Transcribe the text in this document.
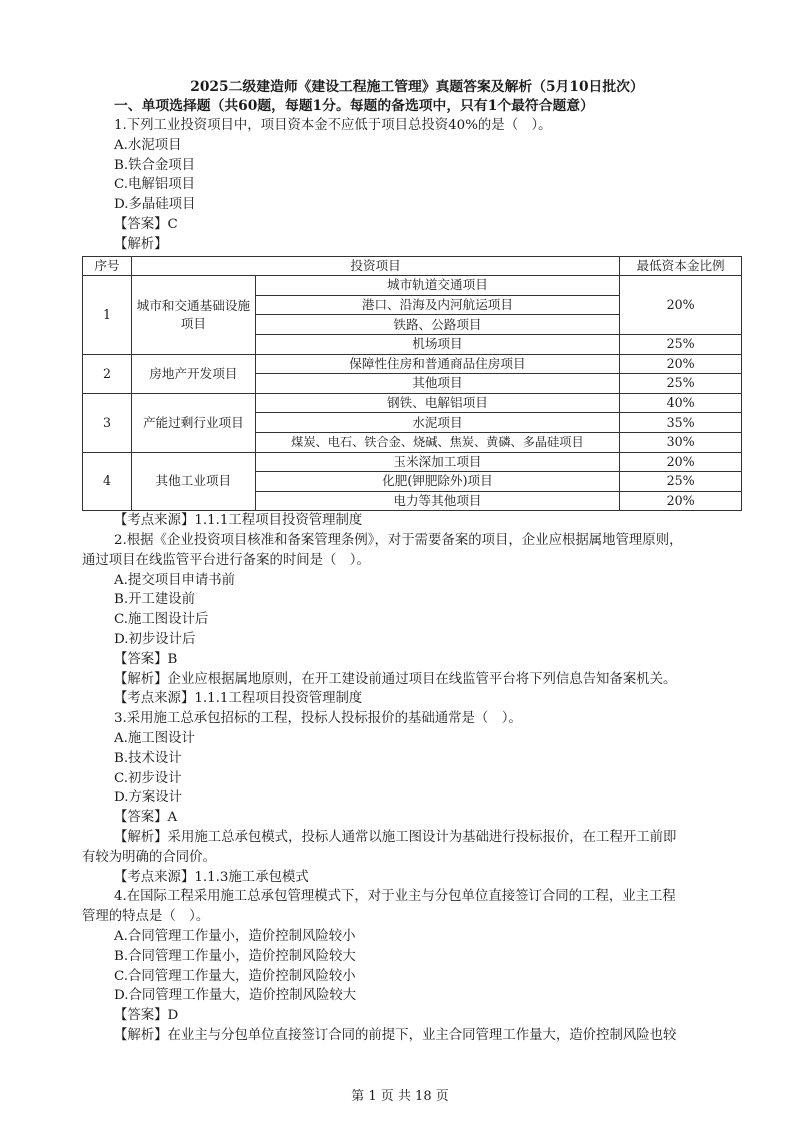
2025二级建造师《建设工程施工管理》真题答案及解析（5月10日批次）
一、单项选择题（共60题，每题1分。每题的备选项中，只有1个最符合题意）
1.下列工业投资项目中，项目资本金不应低于项目总投资40%的是（　）。
A.水泥项目
B.铁合金项目
C.电解铝项目
D.多晶硅项目
【答案】C
【解析】
序号	投资项目		最低资本金比例
1	城市和交通基础设施项目	城市轨道交通项目	20%
		港口、沿海及内河航运项目	
		铁路、公路项目	
		机场项目	25%
2	房地产开发项目	保障性住房和普通商品住房项目	20%
		其他项目	25%
3	产能过剩行业项目	钢铁、电解铝项目	40%
		水泥项目	35%
		煤炭、电石、铁合金、烧碱、焦炭、黄磷、多晶硅项目	30%
4	其他工业项目	玉米深加工项目	20%
		化肥(钾肥除外)项目	25%
		电力等其他项目	20%
【考点来源】1.1.1工程项目投资管理制度
2.根据《企业投资项目核准和备案管理条例》，对于需要备案的项目，企业应根据属地管理原则，
通过项目在线监管平台进行备案的时间是（　）。
A.提交项目申请书前
B.开工建设前
C.施工图设计后
D.初步设计后
【答案】B
【解析】企业应根据属地原则，在开工建设前通过项目在线监管平台将下列信息告知备案机关。
【考点来源】1.1.1工程项目投资管理制度
3.采用施工总承包招标的工程，投标人投标报价的基础通常是（　）。
A.施工图设计
B.技术设计
C.初步设计
D.方案设计
【答案】A
【解析】采用施工总承包模式，投标人通常以施工图设计为基础进行投标报价，在工程开工前即
有较为明确的合同价。
【考点来源】1.1.3施工承包模式
4.在国际工程采用施工总承包管理模式下，对于业主与分包单位直接签订合同的工程，业主工程
管理的特点是（　）。
A.合同管理工作量小，造价控制风险较小
B.合同管理工作量小，造价控制风险较大
C.合同管理工作量大，造价控制风险较小
D.合同管理工作量大，造价控制风险较大
【答案】D
【解析】在业主与分包单位直接签订合同的前提下，业主合同管理工作量大，造价控制风险也较
第 1 页 共 18 页
